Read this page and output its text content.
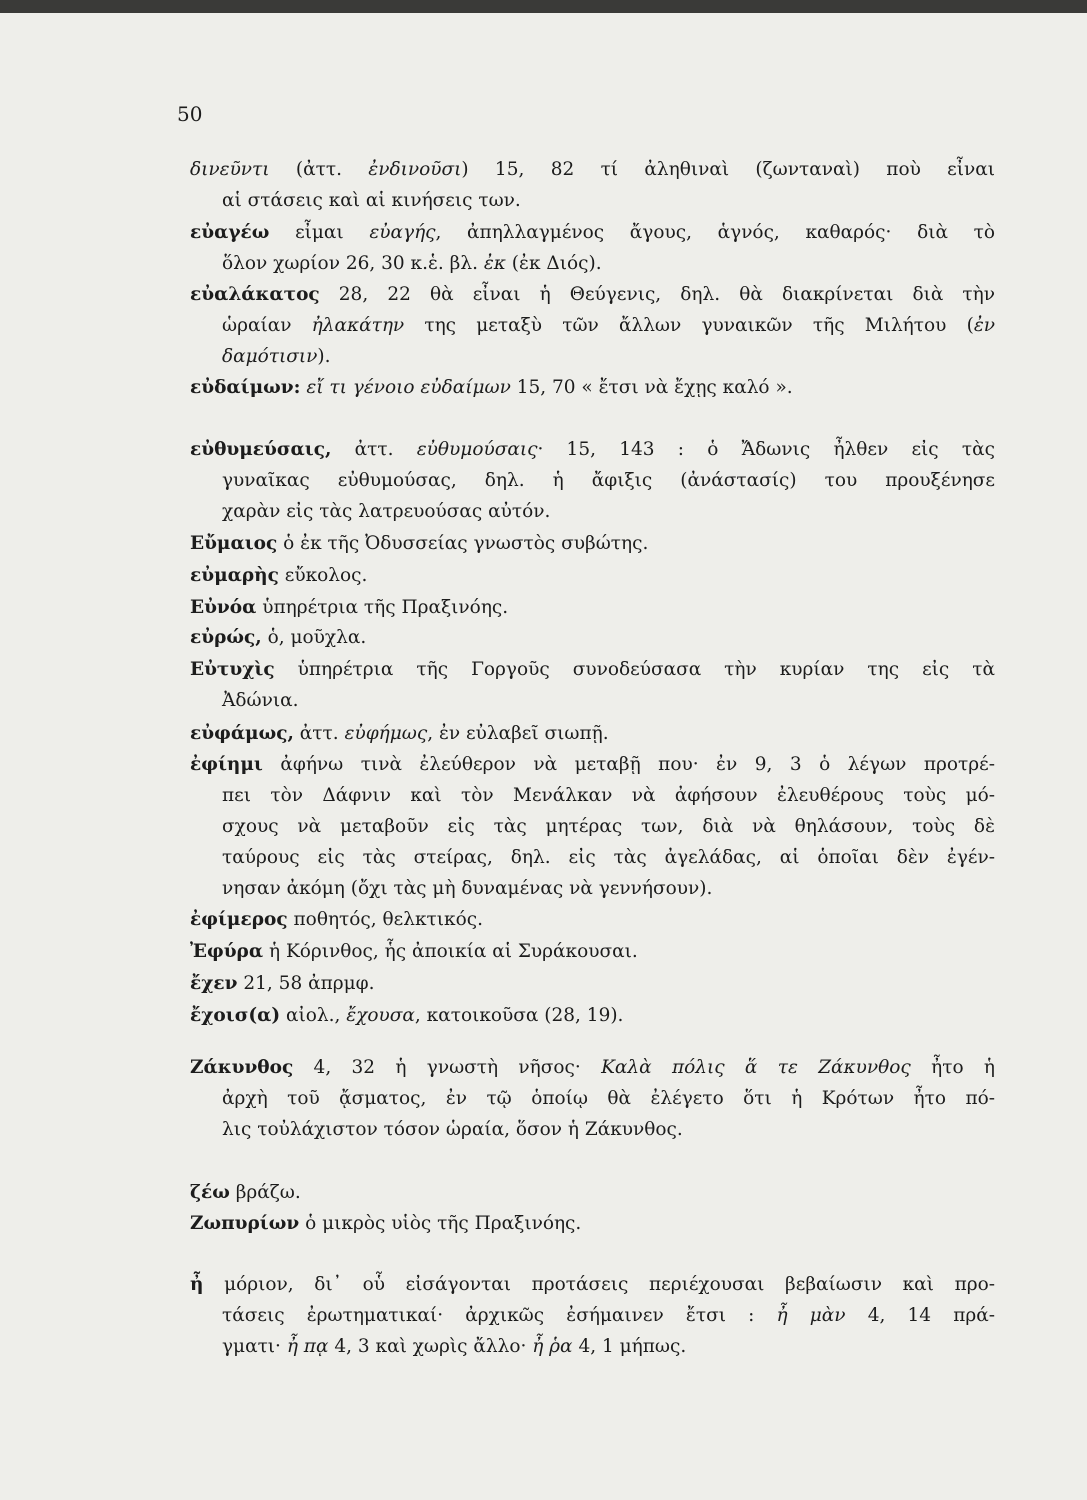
50
δινεῦντι (ἀττ. ἐνδινοῦσι) 15, 82 τί ἀληθιναὶ (ζωνταναὶ) ποὺ εἶναι
αἱ στάσεις καὶ αἱ κινήσεις των.
εὐαγέω εἶμαι εὐαγής, ἀπηλλαγμένος ἄγους, ἁγνός, καθαρός· διὰ τὸ
ὅλον χωρίον 26, 30 κ.ἑ. βλ. ἐκ (ἐκ Διός).
εὐαλάκατος 28, 22 θὰ εἶναι ἡ Θεύγενις, δηλ. θὰ διακρίνεται διὰ τὴν
ὡραίαν ἠλακάτην της μεταξὺ τῶν ἄλλων γυναικῶν τῆς Μιλήτου (ἐν
δαμότισιν).
εὐδαίμων: εἴ τι γένοιο εὐδαίμων 15, 70 « ἔτσι νὰ ἔχῃς καλό ».
εὐθυμεύσαις, ἀττ. εὐθυμούσαις· 15, 143 : ὁ Ἄδωνις ἦλθεν εἰς τὰς
γυναῖκας εὐθυμούσας, δηλ. ἡ ἄφιξις (ἀνάστασίς) του προυξένησε
χαρὰν εἰς τὰς λατρευούσας αὐτόν.
Εὔμαιος ὁ ἐκ τῆς Ὀδυσσείας γνωστὸς συβώτης.
εὐμαρὴς εὔκολος.
Εὐνόα ὑπηρέτρια τῆς Πραξινόης.
εὐρώς, ὁ, μοῦχλα.
Εὐτυχὶς ὑπηρέτρια τῆς Γοργοῦς συνοδεύσασα τὴν κυρίαν της εἰς τὰ
Ἀδώνια.
εὐφάμως, ἀττ. εὐφήμως, ἐν εὐλαβεῖ σιωπῇ.
ἐφίημι ἀφήνω τινὰ ἐλεύθερον νὰ μεταβῇ που· ἐν 9, 3 ὁ λέγων προτρέ-
πει τὸν Δάφνιν καὶ τὸν Μενάλκαν νὰ ἀφήσουν ἐλευθέρους τοὺς μό-
σχους νὰ μεταβοῦν εἰς τὰς μητέρας των, διὰ νὰ θηλάσουν, τοὺς δὲ
ταύρους εἰς τὰς στείρας, δηλ. εἰς τὰς ἀγελάδας, αἱ ὁποῖαι δὲν ἐγέν-
νησαν ἀκόμη (ὄχι τὰς μὴ δυναμένας νὰ γεννήσουν).
ἐφίμερος ποθητός, θελκτικός.
Ἐφύρα ἡ Κόρινθος, ἧς ἀποικία αἱ Συράκουσαι.
ἔχεν 21, 58 ἀπρμφ.
ἔχοισ(α) αἰολ., ἔχουσα, κατοικοῦσα (28, 19).
Ζάκυνθος 4, 32 ἡ γνωστὴ νῆσος· Καλὰ πόλις ἅ τε Ζάκυνθος ἦτο ἡ
ἀρχὴ τοῦ ᾄσματος, ἐν τῷ ὁποίῳ θὰ ἐλέγετο ὅτι ἡ Κρότων ἦτο πό-
λις τοὐλάχιστον τόσον ὡραία, ὅσον ἡ Ζάκυνθος.
ζέω βράζω.
Ζωπυρίων ὁ μικρὸς υἱὸς τῆς Πραξινόης.
ἦ μόριον, δι᾽ οὗ εἰσάγονται προτάσεις περιέχουσαι βεβαίωσιν καὶ προ-
τάσεις ἐρωτηματικαί· ἀρχικῶς ἐσήμαινεν ἔτσι : ἦ μὰν 4, 14 πρά-
γματι· ἦ πᾳ 4, 3 καὶ χωρὶς ἄλλο· ἦ ῥα 4, 1 μήπως.
